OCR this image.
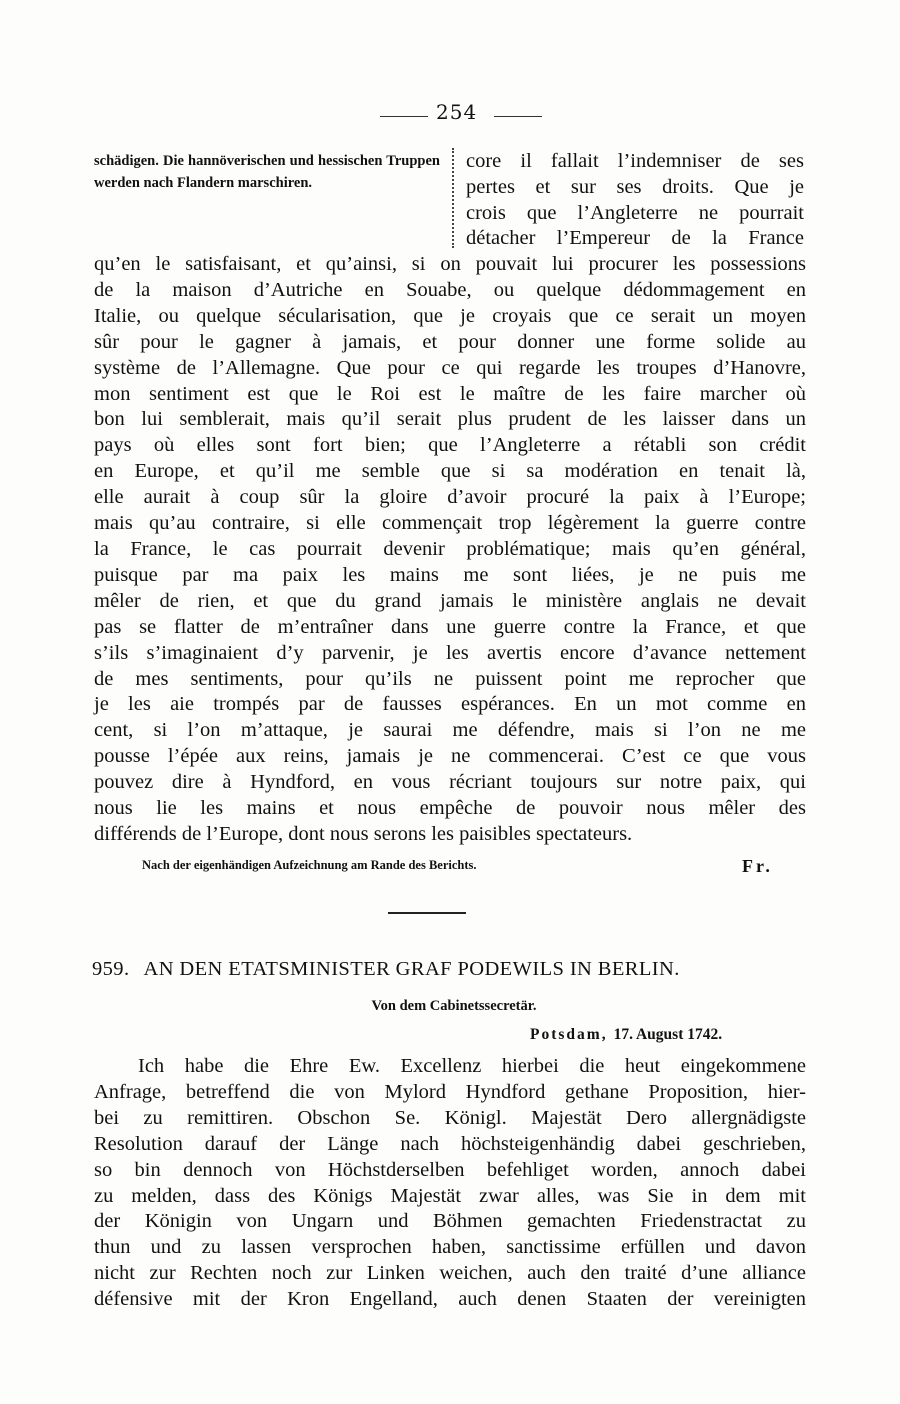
254
schädigen. Die hannöverischen und hessischen Truppen werden nach Flandern marschiren.
core il fallait l’indemniser de ses
pertes et sur ses droits. Que je
crois que l’Angleterre ne pourrait
détacher l’Empereur de la France
qu’en le satisfaisant, et qu’ainsi, si on pouvait lui procurer les possessions
de la maison d’Autriche en Souabe, ou quelque dédommagement en
Italie, ou quelque sécularisation, que je croyais que ce serait un moyen
sûr pour le gagner à jamais, et pour donner une forme solide au
système de l’Allemagne. Que pour ce qui regarde les troupes d’Hanovre,
mon sentiment est que le Roi est le maître de les faire marcher où
bon lui semblerait, mais qu’il serait plus prudent de les laisser dans un
pays où elles sont fort bien; que l’Angleterre a rétabli son crédit
en Europe, et qu’il me semble que si sa modération en tenait là,
elle aurait à coup sûr la gloire d’avoir procuré la paix à l’Europe;
mais qu’au contraire, si elle commençait trop légèrement la guerre contre
la France, le cas pourrait devenir problématique; mais qu’en général,
puisque par ma paix les mains me sont liées, je ne puis me
mêler de rien, et que du grand jamais le ministère anglais ne devait
pas se flatter de m’entraîner dans une guerre contre la France, et que
s’ils s’imaginaient d’y parvenir, je les avertis encore d’avance nettement
de mes sentiments, pour qu’ils ne puissent point me reprocher que
je les aie trompés par de fausses espérances. En un mot comme en
cent, si l’on m’attaque, je saurai me défendre, mais si l’on ne me
pousse l’épée aux reins, jamais je ne commencerai. C’est ce que vous
pouvez dire à Hyndford, en vous récriant toujours sur notre paix, qui
nous lie les mains et nous empêche de pouvoir nous mêler des
différends de l’Europe, dont nous serons les paisibles spectateurs.
Nach der eigenhändigen Aufzeichnung am Rande des Berichts.	Fr.
959. AN DEN ETATSMINISTER GRAF PODEWILS IN BERLIN.
Von dem Cabinetssecretär.
Potsdam, 17. August 1742.
Ich habe die Ehre Ew. Excellenz hierbei die heut eingekommene
Anfrage, betreffend die von Mylord Hyndford gethane Proposition, hier-
bei zu remittiren. Obschon Se. Königl. Majestät Dero allergnädigste
Resolution darauf der Länge nach höchsteigenhändig dabei geschrieben,
so bin dennoch von Höchstderselben befehliget worden, annoch dabei
zu melden, dass des Königs Majestät zwar alles, was Sie in dem mit
der Königin von Ungarn und Böhmen gemachten Friedenstractat zu
thun und zu lassen versprochen haben, sanctissime erfüllen und davon
nicht zur Rechten noch zur Linken weichen, auch den traité d’une alliance
défensive mit der Kron Engelland, auch denen Staaten der vereinigten
